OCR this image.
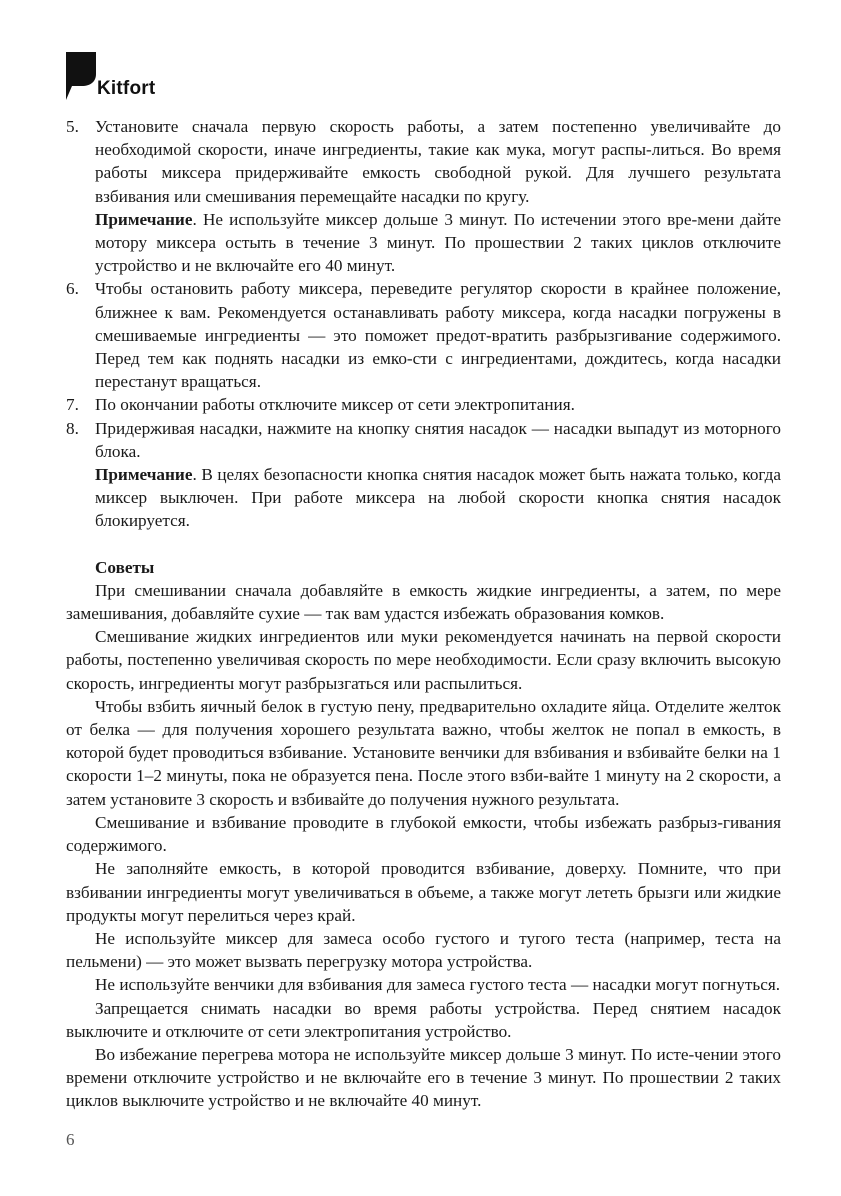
Kitfort
5. Установите сначала первую скорость работы, а затем постепенно увеличивайте до необходимой скорости, иначе ингредиенты, такие как мука, могут распы-литься. Во время работы миксера придерживайте емкость свободной рукой. Для лучшего результата взбивания или смешивания перемещайте насадки по кругу.

Примечание. Не используйте миксер дольше 3 минут. По истечении этого вре-мени дайте мотору миксера остыть в течение 3 минут. По прошествии 2 таких циклов отключите устройство и не включайте его 40 минут.

6. Чтобы остановить работу миксера, переведите регулятор скорости в крайнее положение, ближнее к вам. Рекомендуется останавливать работу миксера, когда насадки погружены в смешиваемые ингредиенты — это поможет предот-вратить разбрызгивание содержимого. Перед тем как поднять насадки из емко-сти с ингредиентами, дождитесь, когда насадки перестанут вращаться.

7. По окончании работы отключите миксер от сети электропитания.

8. Придерживая насадки, нажмите на кнопку снятия насадок — насадки выпадут из моторного блока.

Примечание. В целях безопасности кнопка снятия насадок может быть нажата только, когда миксер выключен. При работе миксера на любой скорости кнопка снятия насадок блокируется.

Советы

При смешивании сначала добавляйте в емкость жидкие ингредиенты, а затем, по мере замешивания, добавляйте сухие — так вам удастся избежать образования комков.

Смешивание жидких ингредиентов или муки рекомендуется начинать на первой скорости работы, постепенно увеличивая скорость по мере необходимости. Если сразу включить высокую скорость, ингредиенты могут разбрызгаться или распылиться.

Чтобы взбить яичный белок в густую пену, предварительно охладите яйца. Отделите желток от белка — для получения хорошего результата важно, чтобы желток не попал в емкость, в которой будет проводиться взбивание. Установите венчики для взбивания и взбивайте белки на 1 скорости 1–2 минуты, пока не образуется пена. После этого взби-вайте 1 минуту на 2 скорости, а затем установите 3 скорость и взбивайте до получения нужного результата.

Смешивание и взбивание проводите в глубокой емкости, чтобы избежать разбрыз-гивания содержимого.

Не заполняйте емкость, в которой проводится взбивание, доверху. Помните, что при взбивании ингредиенты могут увеличиваться в объеме, а также могут лететь брызги или жидкие продукты могут перелиться через край.

Не используйте миксер для замеса особо густого и тугого теста (например, теста на пельмени) — это может вызвать перегрузку мотора устройства.

Не используйте венчики для взбивания для замеса густого теста — насадки могут погнуться.

Запрещается снимать насадки во время работы устройства. Перед снятием насадок выключите и отключите от сети электропитания устройство.

Во избежание перегрева мотора не используйте миксер дольше 3 минут. По исте-чении этого времени отключите устройство и не включайте его в течение 3 минут. По прошествии 2 таких циклов выключите устройство и не включайте 40 минут.

6
